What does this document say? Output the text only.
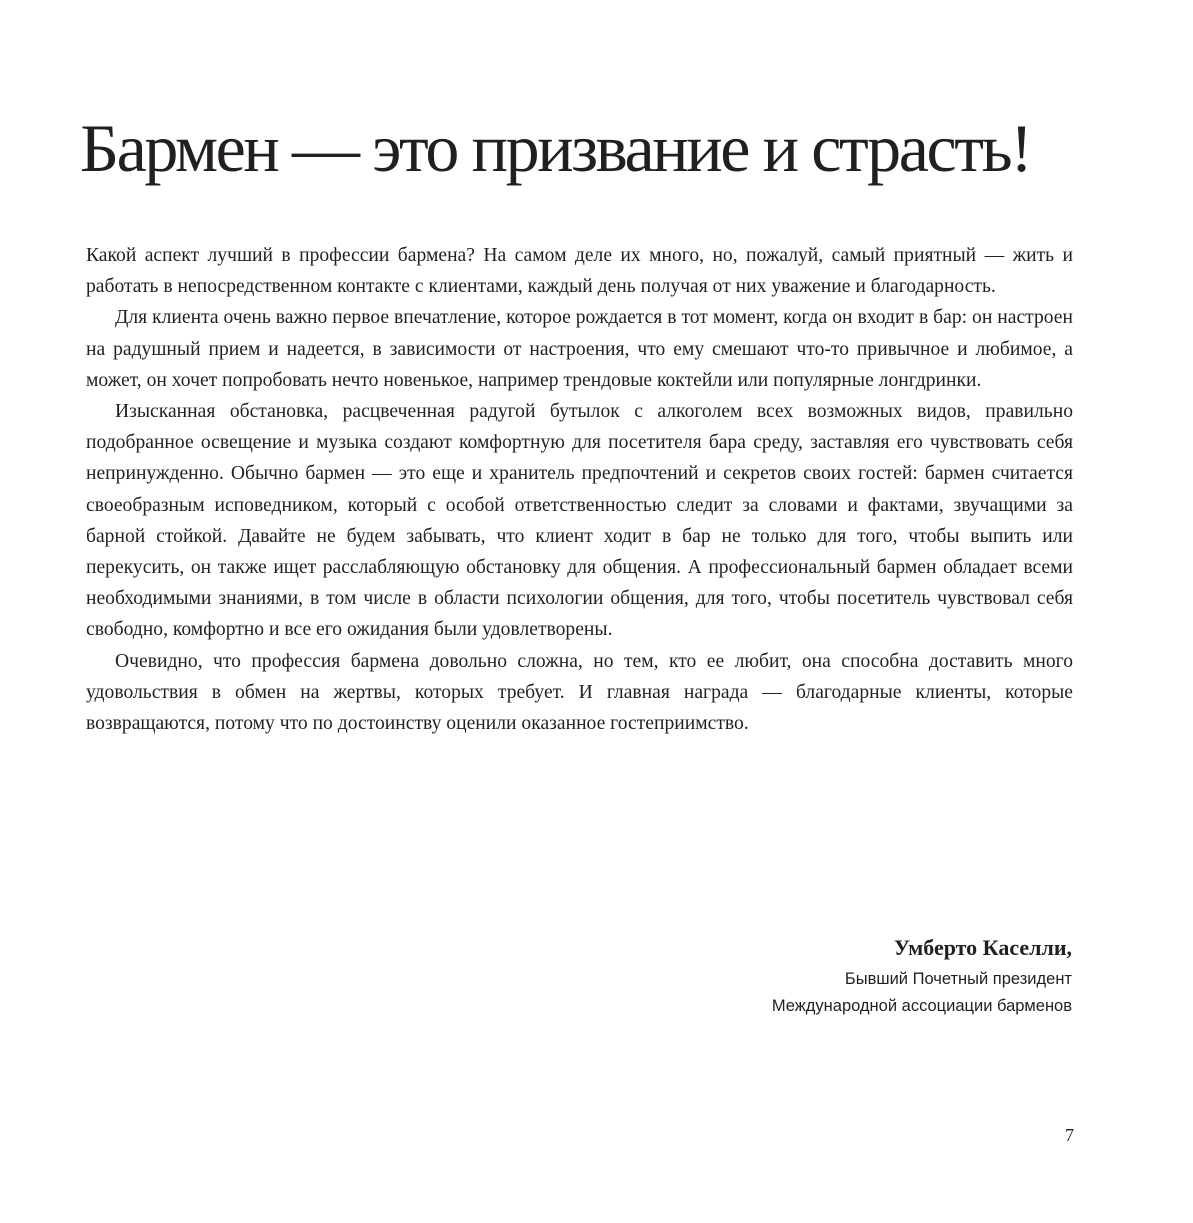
Бармен — это призвание и страсть!

Какой аспект лучший в профессии бармена? На самом деле их много, но, пожалуй, самый приятный — жить и работать в непосредственном контакте с клиентами, каждый день получая от них уважение и благодарность.

Для клиента очень важно первое впечатление, которое рождается в тот момент, когда он входит в бар: он настроен на радушный прием и надеется, в зависимости от настроения, что ему смешают что-то привычное и любимое, а может, он хочет попробовать нечто новенькое, например трендовые коктейли или популярные лонгдринки.

Изысканная обстановка, расцвеченная радугой бутылок с алкоголем всех возможных видов, правильно подобранное освещение и музыка создают комфортную для посетителя бара среду, заставляя его чувствовать себя непринужденно. Обычно бармен — это еще и хранитель предпочтений и секретов своих гостей: бармен считается своеобразным исповедником, который с особой ответственностью следит за словами и фактами, звучащими за барной стойкой. Давайте не будем забывать, что клиент ходит в бар не только для того, чтобы выпить или перекусить, он также ищет расслабляющую обстановку для общения. А профессиональный бармен обладает всеми необходимыми знаниями, в том числе в области психологии общения, для того, чтобы посетитель чувствовал себя свободно, комфортно и все его ожидания были удовлетворены.

Очевидно, что профессия бармена довольно сложна, но тем, кто ее любит, она способна доставить много удовольствия в обмен на жертвы, которых требует. И главная награда — благодарные клиенты, которые возвращаются, потому что по достоинству оценили оказанное гостеприимство.

Умберто Каселли,
Бывший Почетный президент
Международной ассоциации барменов
7
